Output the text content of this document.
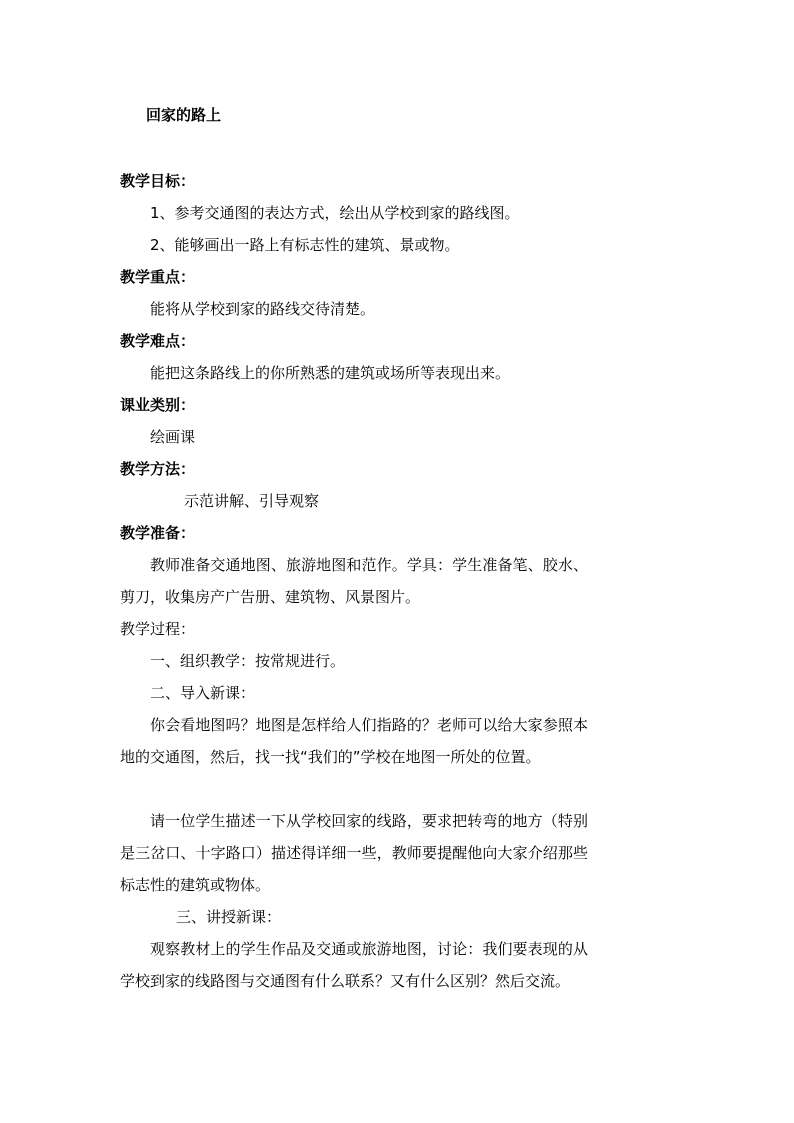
回家的路上
教学目标：
1、参考交通图的表达方式，绘出从学校到家的路线图。
2、能够画出一路上有标志性的建筑、景或物。
教学重点：
能将从学校到家的路线交待清楚。
教学难点：
能把这条路线上的你所熟悉的建筑或场所等表现出来。
课业类别：
绘画课
教学方法：
示范讲解、引导观察
教学准备：
教师准备交通地图、旅游地图和范作。学具：学生准备笔、胶水、剪刀，收集房产广告册、建筑物、风景图片。
教学过程：
一、组织教学：按常规进行。
二、导入新课：
你会看地图吗？地图是怎样给人们指路的？老师可以给大家参照本地的交通图，然后，找一找“我们的”学校在地图一所处的位置。
请一位学生描述一下从学校回家的线路，要求把转弯的地方（特别是三岔口、十字路口）描述得详细一些，教师要提醒他向大家介绍那些标志性的建筑或物体。
三、讲授新课：
观察教材上的学生作品及交通或旅游地图，讨论：我们要表现的从学校到家的线路图与交通图有什么联系？又有什么区别？然后交流。
